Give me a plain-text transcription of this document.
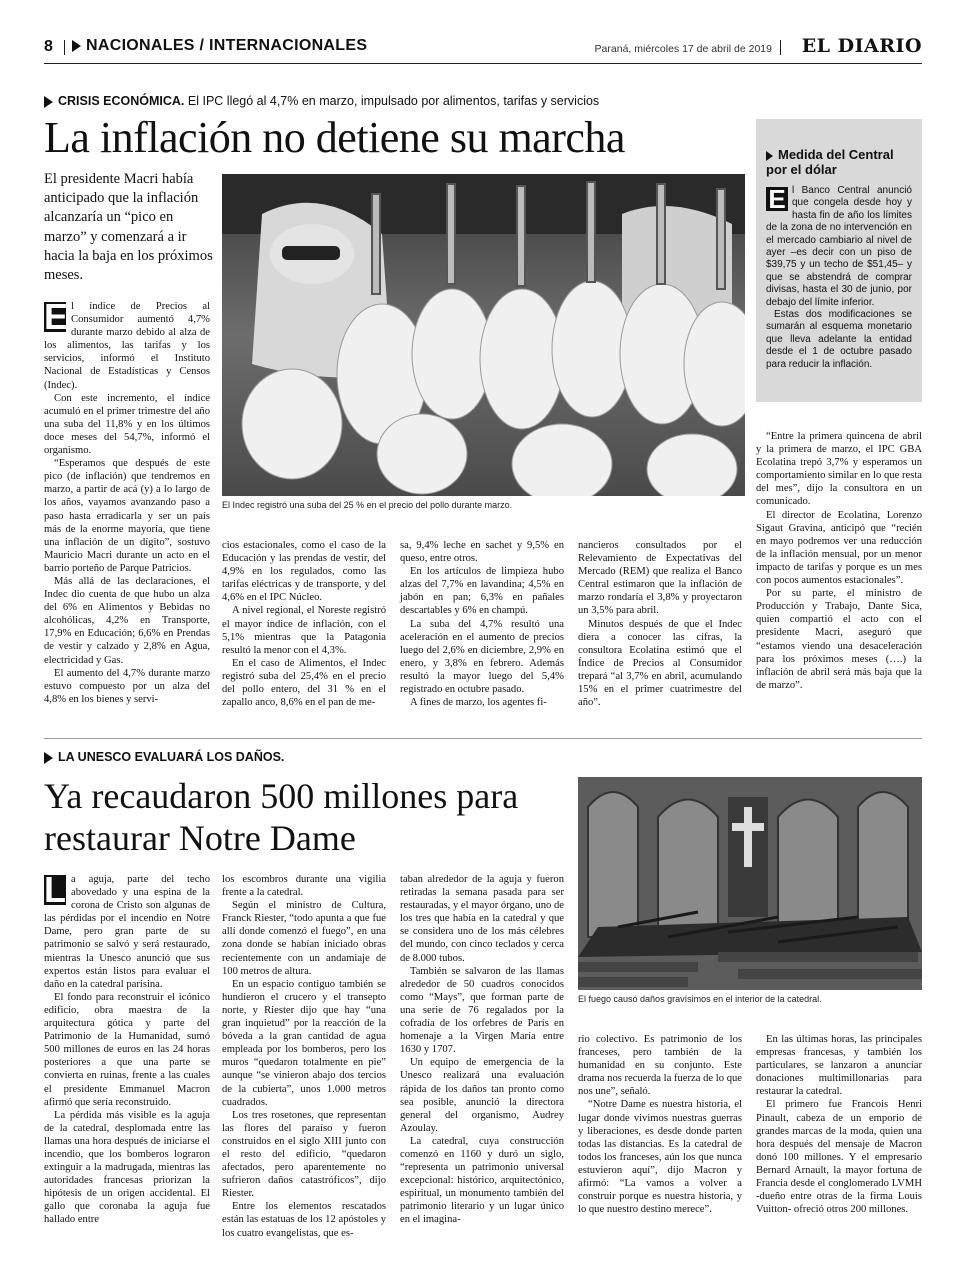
8	NACIONALES / INTERNACIONALES	Paraná, miércoles 17 de abril de 2019	EL DIARIO
CRISIS ECONÓMICA. El IPC llegó al 4,7% en marzo, impulsado por alimentos, tarifas y servicios
La inflación no detiene su marcha
El presidente Macri había anticipado que la inflación alcanzaría un “pico en marzo” y comenzará a ir hacia la baja en los próximos meses.
El Indec registró una suba del 25 % en el precio del pollo durante marzo.
E l índice de Precios al Consumidor aumentó 4,7% durante marzo debido al alza de los alimentos, las tarifas y los servicios, informó el Instituto Nacional de Estadísticas y Censos (Indec).

Con este incremento, el índice acumuló en el primer trimestre del año una suba del 11,8% y en los últimos doce meses del 54,7%, informó el organismo.

“Esperamos que después de este pico (de inflación) que tendremos en marzo, a partir de acá (y) a lo largo de los años, vayamos avanzando paso a paso hasta erradicarla y ser un país más de la enorme mayoría, que tiene una inflación de un dígito”, sostuvo Mauricio Macri durante un acto en el barrio porteño de Parque Patricios.

Más allá de las declaraciones, el Indec dio cuenta de que hubo un alza del 6% en Alimentos y Bebidas no alcohólicas, 4,2% en Transporte, 17,9% en Educación; 6,6% en Prendas de vestir y calzado y 2,8% en Agua, electricidad y Gas.

El aumento del 4,7% durante marzo estuvo compuesto por un alza del 4,8% en los bienes y servi-

cios estacionales, como el caso de la Educación y las prendas de vestir, del 4,9% en los regulados, como las tarifas eléctricas y de transporte, y del 4,6% en el IPC Núcleo.

A nivel regional, el Noreste registró el mayor índice de inflación, con el 5,1% mientras que la Patagonia resultó la menor con el 4,3%.

En el caso de Alimentos, el Indec registró suba del 25,4% en el precio del pollo entero, del 31 % en el zapallo anco, 8,6% en el pan de me-

sa, 9,4% leche en sachet y 9,5% en queso, entre otros.

En los artículos de limpieza hubo alzas del 7,7% en lavandina; 4,5% en jabón en pan; 6,3% en pañales descartables y 6% en champú.

La suba del 4,7% resultó una aceleración en el aumento de precios luego del 2,6% en diciembre, 2,9% en enero, y 3,8% en febrero. Además resultó la mayor luego del 5,4% registrado en octubre pasado.

A fines de marzo, los agentes fi-

nancieros consultados por el Relevamiento de Expectativas del Mercado (REM) que realiza el Banco Central estimaron que la inflación de marzo rondaría el 3,8% y proyectaron un 3,5% para abril.

Minutos después de que el Indec diera a conocer las cifras, la consultora Ecolatina estimó que el Índice de Precios al Consumidor trepará “al 3,7% en abril, acumulando 15% en el primer cuatrimestre del año”.

“Entre la primera quincena de abril y la primera de marzo, el IPC GBA Ecolatina trepó 3,7% y esperamos un comportamiento similar en lo que resta del mes”, dijo la consultora en un comunicado.

El director de Ecolatina, Lorenzo Sigaut Gravina, anticipó que “recién en mayo podremos ver una reducción de la inflación mensual, por un menor impacto de tarifas y porque es un mes con pocos aumentos estacionales”.

Por su parte, el ministro de Producción y Trabajo, Dante Sica, quien compartió el acto con el presidente Macri, aseguró que “estamos viendo una desaceleración para los próximos meses (….) la inflación de abril será más baja que la de marzo”.

Medida del Central por el dólar
E l Banco Central anunció que congela desde hoy y hasta fin de año los límites de la zona de no intervención en el mercado cambiario al nivel de ayer –es decir con un piso de $39,75 y un techo de $51,45– y que se abstendrá de comprar divisas, hasta el 30 de junio, por debajo del límite inferior.

Estas dos modificaciones se sumarán al esquema monetario que lleva adelante la entidad desde el 1 de octubre pasado para reducir la inflación.

LA UNESCO EVALUARÁ LOS DAÑOS.
Ya recaudaron 500 millones para restaurar Notre Dame
El fuego causó daños gravísimos en el interior de la catedral.
L a aguja, parte del techo abovedado y una espina de la corona de Cristo son algunas de las pérdidas por el incendio en Notre Dame, pero gran parte de su patrimonio se salvó y será restaurado, mientras la Unesco anunció que sus expertos están listos para evaluar el daño en la catedral parisina.

El fondo para reconstruir el icónico edificio, obra maestra de la arquitectura gótica y parte del Patrimonio de la Humanidad, sumó 500 millones de euros en las 24 horas posteriores a que una parte se convierta en ruinas, frente a las cuales el presidente Emmanuel Macron afirmó que sería reconstruido.

La pérdida más visible es la aguja de la catedral, desplomada entre las llamas una hora después de iniciarse el incendio, que los bomberos lograron extinguir a la madrugada, mientras las autoridades francesas priorizan la hipótesis de un origen accidental. El gallo que coronaba la aguja fue hallado entre

los escombros durante una vigilia frente a la catedral.

Según el ministro de Cultura, Franck Riester, “todo apunta a que fue allí donde comenzó el fuego”, en una zona donde se habían iniciado obras recientemente con un andamiaje de 100 metros de altura.

En un espacio contiguo también se hundieron el crucero y el transepto norte, y Riester dijo que hay “una gran inquietud” por la reacción de la bóveda a la gran cantidad de agua empleada por los bomberos, pero los muros “quedaron totalmente en pie” aunque “se vinieron abajo dos tercios de la cubierta”, unos 1.000 metros cuadrados.

Los tres rosetones, que representan las flores del paraíso y fueron construidos en el siglo XIII junto con el resto del edificio, “quedaron afectados, pero aparentemente no sufrieron daños catastróficos”, dijo Riester.

Entre los elementos rescatados están las estatuas de los 12 apóstoles y los cuatro evangelistas, que es-

taban alrededor de la aguja y fueron retiradas la semana pasada para ser restauradas, y el mayor órgano, uno de los tres que había en la catedral y que se considera uno de los más célebres del mundo, con cinco teclados y cerca de 8.000 tubos.

También se salvaron de las llamas alrededor de 50 cuadros conocidos como “Mays”, que forman parte de una serie de 76 regalados por la cofradía de los orfebres de París en homenaje a la Virgen María entre 1630 y 1707.

Un equipo de emergencia de la Unesco realizará una evaluación rápida de los daños tan pronto como sea posible, anunció la directora general del organismo, Audrey Azoulay.

La catedral, cuya construcción comenzó en 1160 y duró un siglo, “representa un patrimonio universal excepcional: histórico, arquitectónico, espiritual, un monumento también del patrimonio literario y un lugar único en el imagina-

rio colectivo. Es patrimonio de los franceses, pero también de la humanidad en su conjunto. Este drama nos recuerda la fuerza de lo que nos une”, señaló.

“Notre Dame es nuestra historia, el lugar donde vivimos nuestras guerras y liberaciones, es desde donde parten todas las distancias. Es la catedral de todos los franceses, aún los que nunca estuvieron aquí”, dijo Macron y afirmó: “La vamos a volver a construir porque es nuestra historia, y lo que nuestro destino merece”.

En las últimas horas, las principales empresas francesas, y también los particulares, se lanzaron a anunciar donaciones multimillonarias para restaurar la catedral.

El primero fue Francois Henri Pinault, cabeza de un emporio de grandes marcas de la moda, quien una hora después del mensaje de Macron donó 100 millones. Y el empresario Bernard Arnault, la mayor fortuna de Francia desde el conglomerado LVMH -dueño entre otras de la firma Louis Vuitton- ofreció otros 200 millones.
